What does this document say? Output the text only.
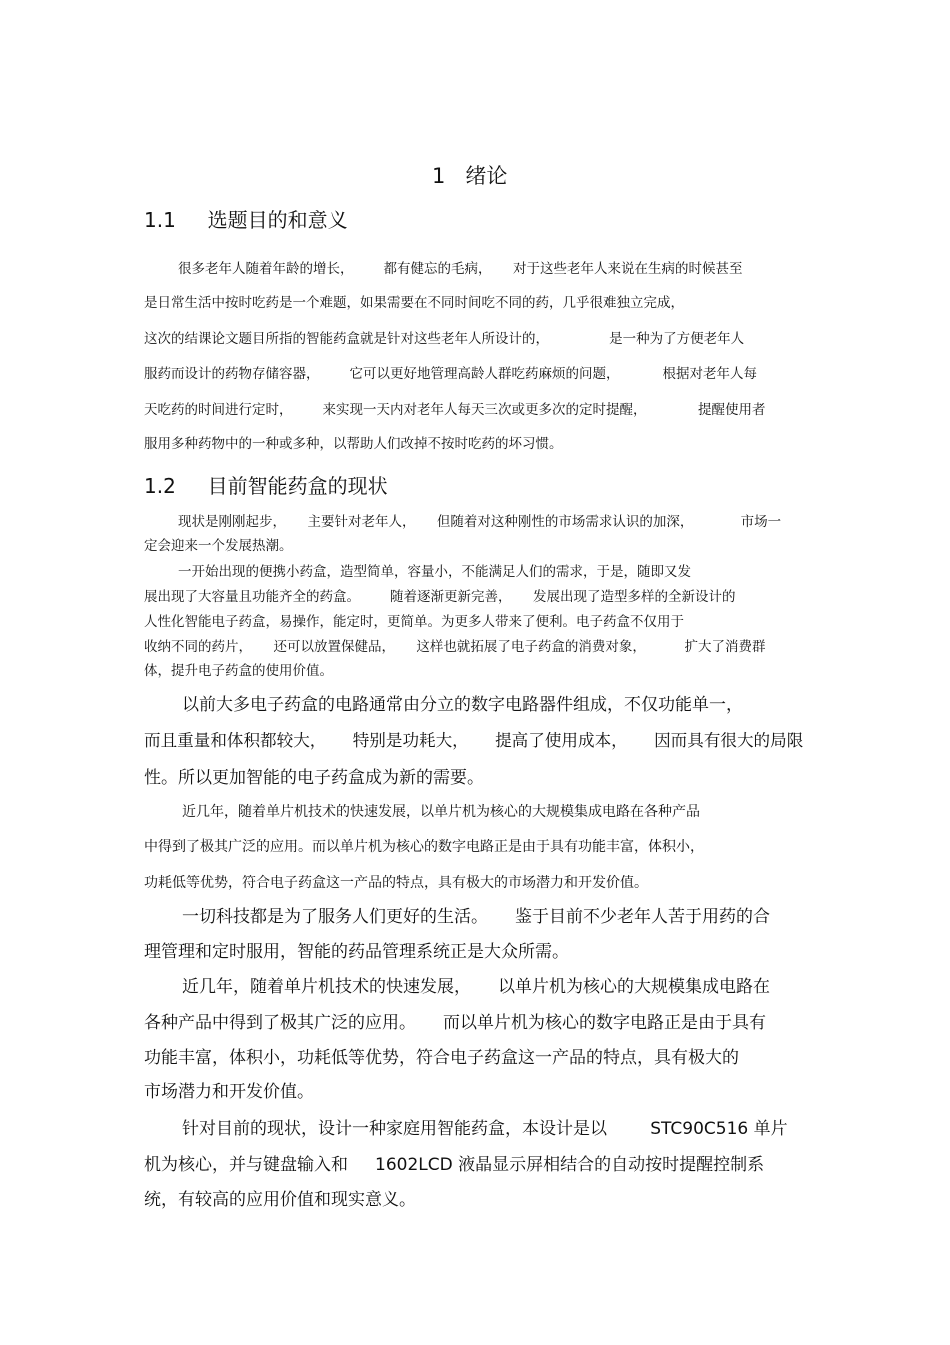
1   绪论
1.1     选题目的和意义
很多老年人随着年龄的增长，       都有健忘的毛病，     对于这些老年人来说在生病的时候甚至
是日常生活中按时吃药是一个难题，如果需要在不同时间吃不同的药，几乎很难独立完成，
这次的结课论文题目所指的智能药盒就是针对这些老年人所设计的，              是一种为了方便老年人
服药而设计的药物存储容器，       它可以更好地管理高龄人群吃药麻烦的问题，          根据对老年人每
天吃药的时间进行定时，       来实现一天内对老年人每天三次或更多次的定时提醒，            提醒使用者
服用多种药物中的一种或多种，以帮助人们改掉不按时吃药的坏习惯。
1.2     目前智能药盒的现状
现状是刚刚起步，     主要针对老年人，     但随着对这种刚性的市场需求认识的加深，           市场一
定会迎来一个发展热潮。
一开始出现的便携小药盒，造型简单，容量小，不能满足人们的需求，于是，随即又发
展出现了大容量且功能齐全的药盒。       随着逐渐更新完善，     发展出现了造型多样的全新设计的
人性化智能电子药盒，易操作，能定时，更简单。为更多人带来了便利。电子药盒不仅用于
收纳不同的药片，     还可以放置保健品，     这样也就拓展了电子药盒的消费对象，         扩大了消费群
体，提升电子药盒的使用价值。
以前大多电子药盒的电路通常由分立的数字电路器件组成，不仅功能单一，
而且重量和体积都较大，     特别是功耗大，     提高了使用成本，     因而具有很大的局限
性。所以更加智能的电子药盒成为新的需要。
近几年，随着单片机技术的快速发展，以单片机为核心的大规模集成电路在各种产品
中得到了极其广泛的应用。而以单片机为核心的数字电路正是由于具有功能丰富，体积小，
功耗低等优势，符合电子药盒这一产品的特点，具有极大的市场潜力和开发价值。
一切科技都是为了服务人们更好的生活。     鉴于目前不少老年人苦于用药的合
理管理和定时服用，智能的药品管理系统正是大众所需。
近几年，随着单片机技术的快速发展，     以单片机为核心的大规模集成电路在
各种产品中得到了极其广泛的应用。     而以单片机为核心的数字电路正是由于具有
功能丰富，体积小，功耗低等优势，符合电子药盒这一产品的特点，具有极大的
市场潜力和开发价值。
针对目前的现状，设计一种家庭用智能药盒，本设计是以        STC90C516 单片
机为核心，并与键盘输入和     1602LCD 液晶显示屏相结合的自动按时提醒控制系
统，有较高的应用价值和现实意义。
